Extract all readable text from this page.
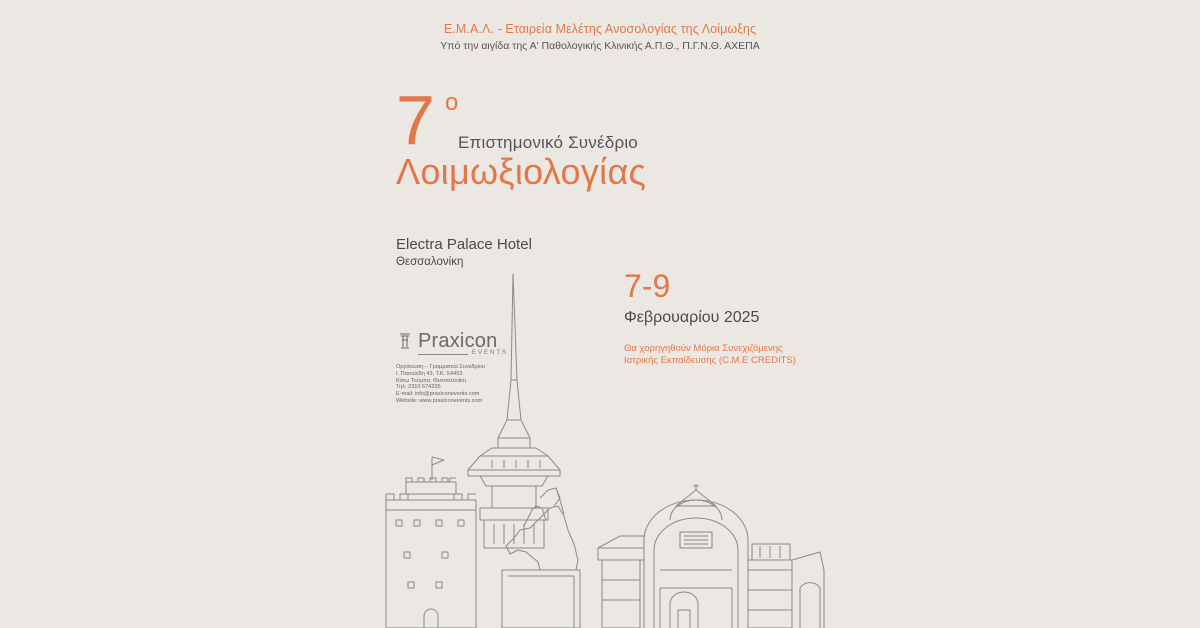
Ε.Μ.Α.Λ. - Εταιρεία Μελέτης Ανοσολογίας της Λοίμωξης
Υπό την αιγίδα της Α' Παθολογικής Κλινικής Α.Π.Θ., Π.Γ.Ν.Θ. ΑΧΕΠΑ
7 ο
Επιστημονικό Συνέδριο
Λοιμωξιολογίας
Electra Palace Hotel
Θεσσαλονίκη
7-9
Φεβρουαρίου 2025
Θα χορηγηθούν Μόρια Συνεχιζόμενης
Ιατρικής Εκπαίδευσης (C.M.E CREDITS)
Praxicon
EVENTS
Οργάνωση – Γραμματεία Συνεδρίου
Ι. Πασαλίδη 43, Τ.Κ. 54453
Κάτω Τούμπα, Θεσσαλονίκη
Τηλ: 2310 674295
E-mail: info@praxiconevents.com
Website: www.praxiconevents.com
